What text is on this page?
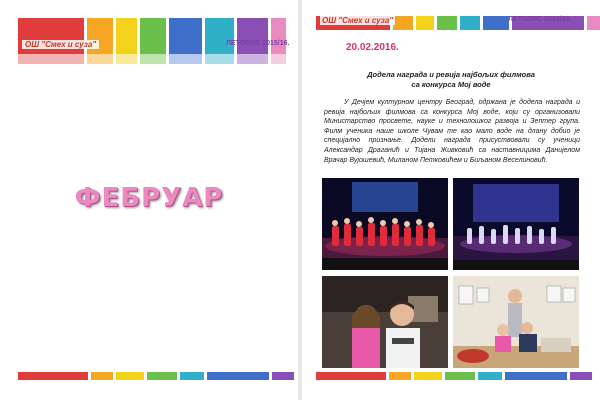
ОШ "Смех и суза"	ЛЕТОПИС 2015/16.
ФЕБРУАР
ОШ "Смех и суза"	ЛЕТОПИС 2015/16.
20.02.2016.
Додела награда и ревија најбољих филмова
са конкурса Мој воде
У Дечјем културном центру Београд, одржана је додела награда и ревија најбољих филмова са конкурса Мој воде, који су организовали Министарство просвете, науке и технолошког развоја и Зептер група. Филм ученика наше школе Чувам те као мало воде на длану добио је специјално признање. Додели награда присуствовали су ученици Александар Драганић и Тијана Живковић са наставницима Данијелом Врачар Вујошевић, Миланом Петковићем и Биљаном Веселиновић.
